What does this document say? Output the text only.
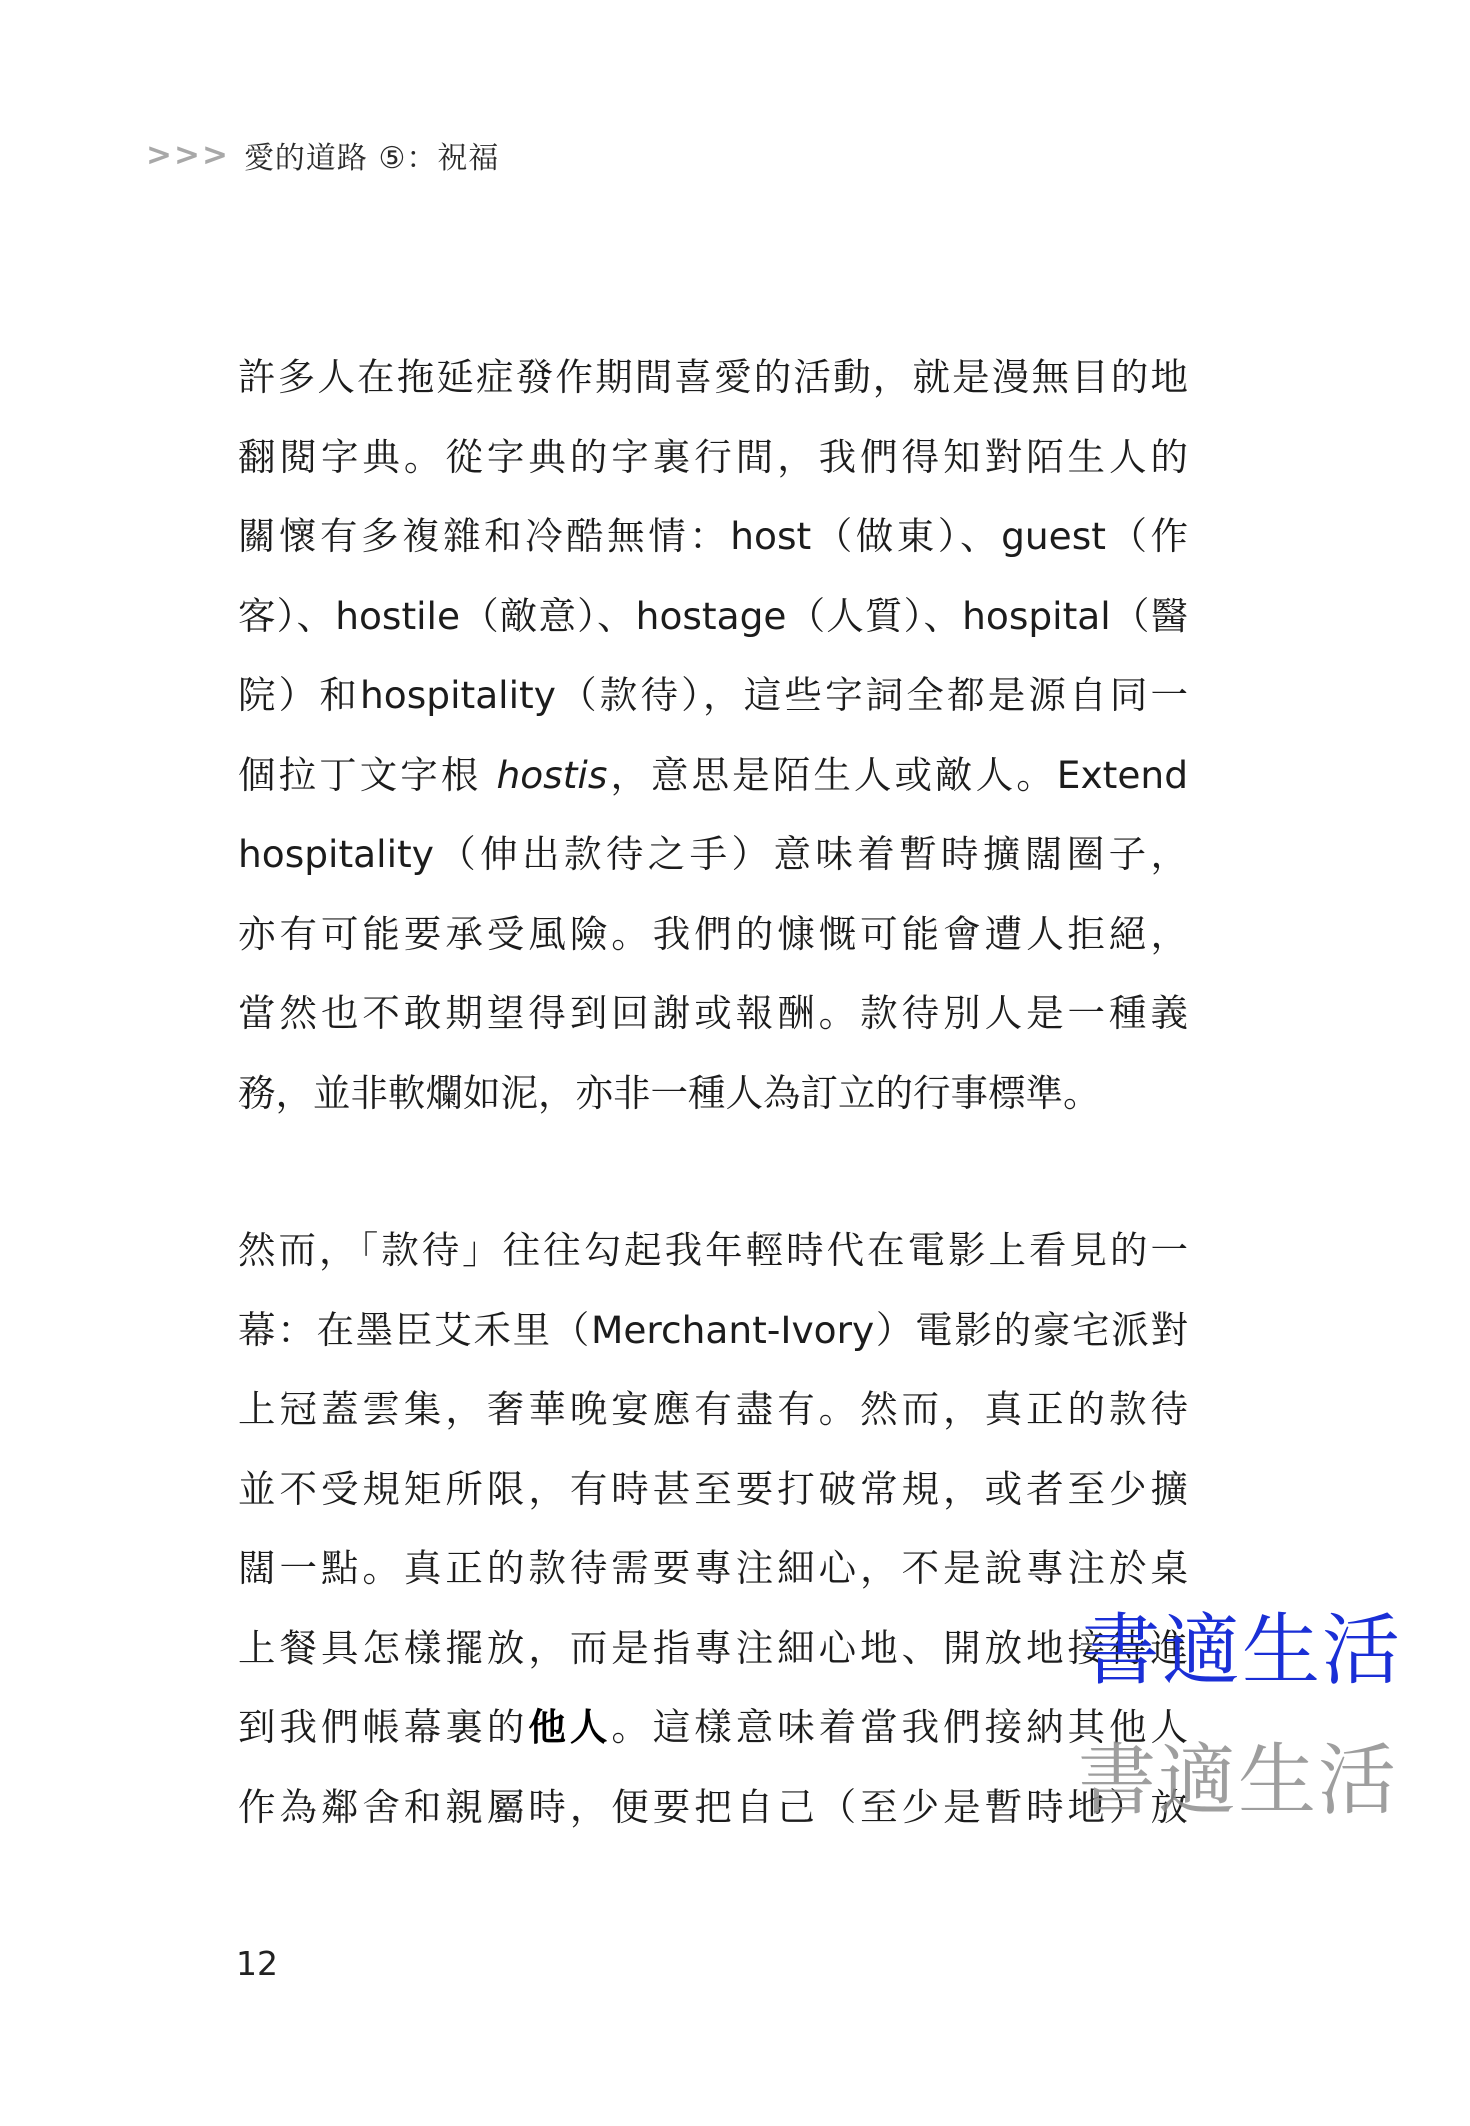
>>> 愛的道路 ⑤：祝福
許多人在拖延症發作期間喜愛的活動，就是漫無目的地
翻閱字典。從字典的字裏行間，我們得知對陌生人的
關懷有多複雜和冷酷無情：host（做東）、guest（作
客）、hostile（敵意）、hostage（人質）、hospital（醫
院）和hospitality（款待），這些字詞全都是源自同一
個拉丁文字根 hostis，意思是陌生人或敵人。Extend
hospitality（伸出款待之手）意味着暫時擴闊圈子，
亦有可能要承受風險。我們的慷慨可能會遭人拒絕，
當然也不敢期望得到回謝或報酬。款待別人是一種義
務，並非軟爛如泥，亦非一種人為訂立的行事標準。
然而，「款待」往往勾起我年輕時代在電影上看見的一
幕：在墨臣艾禾里（Merchant-Ivory）電影的豪宅派對
上冠蓋雲集，奢華晚宴應有盡有。然而，真正的款待
並不受規矩所限，有時甚至要打破常規，或者至少擴
闊一點。真正的款待需要專注細心，不是說專注於桌
上餐具怎樣擺放，而是指專注細心地、開放地接待進
到我們帳幕裏的他人。這樣意味着當我們接納其他人
作為鄰舍和親屬時，便要把自己（至少是暫時地）放
12
書適生活
書適生活
